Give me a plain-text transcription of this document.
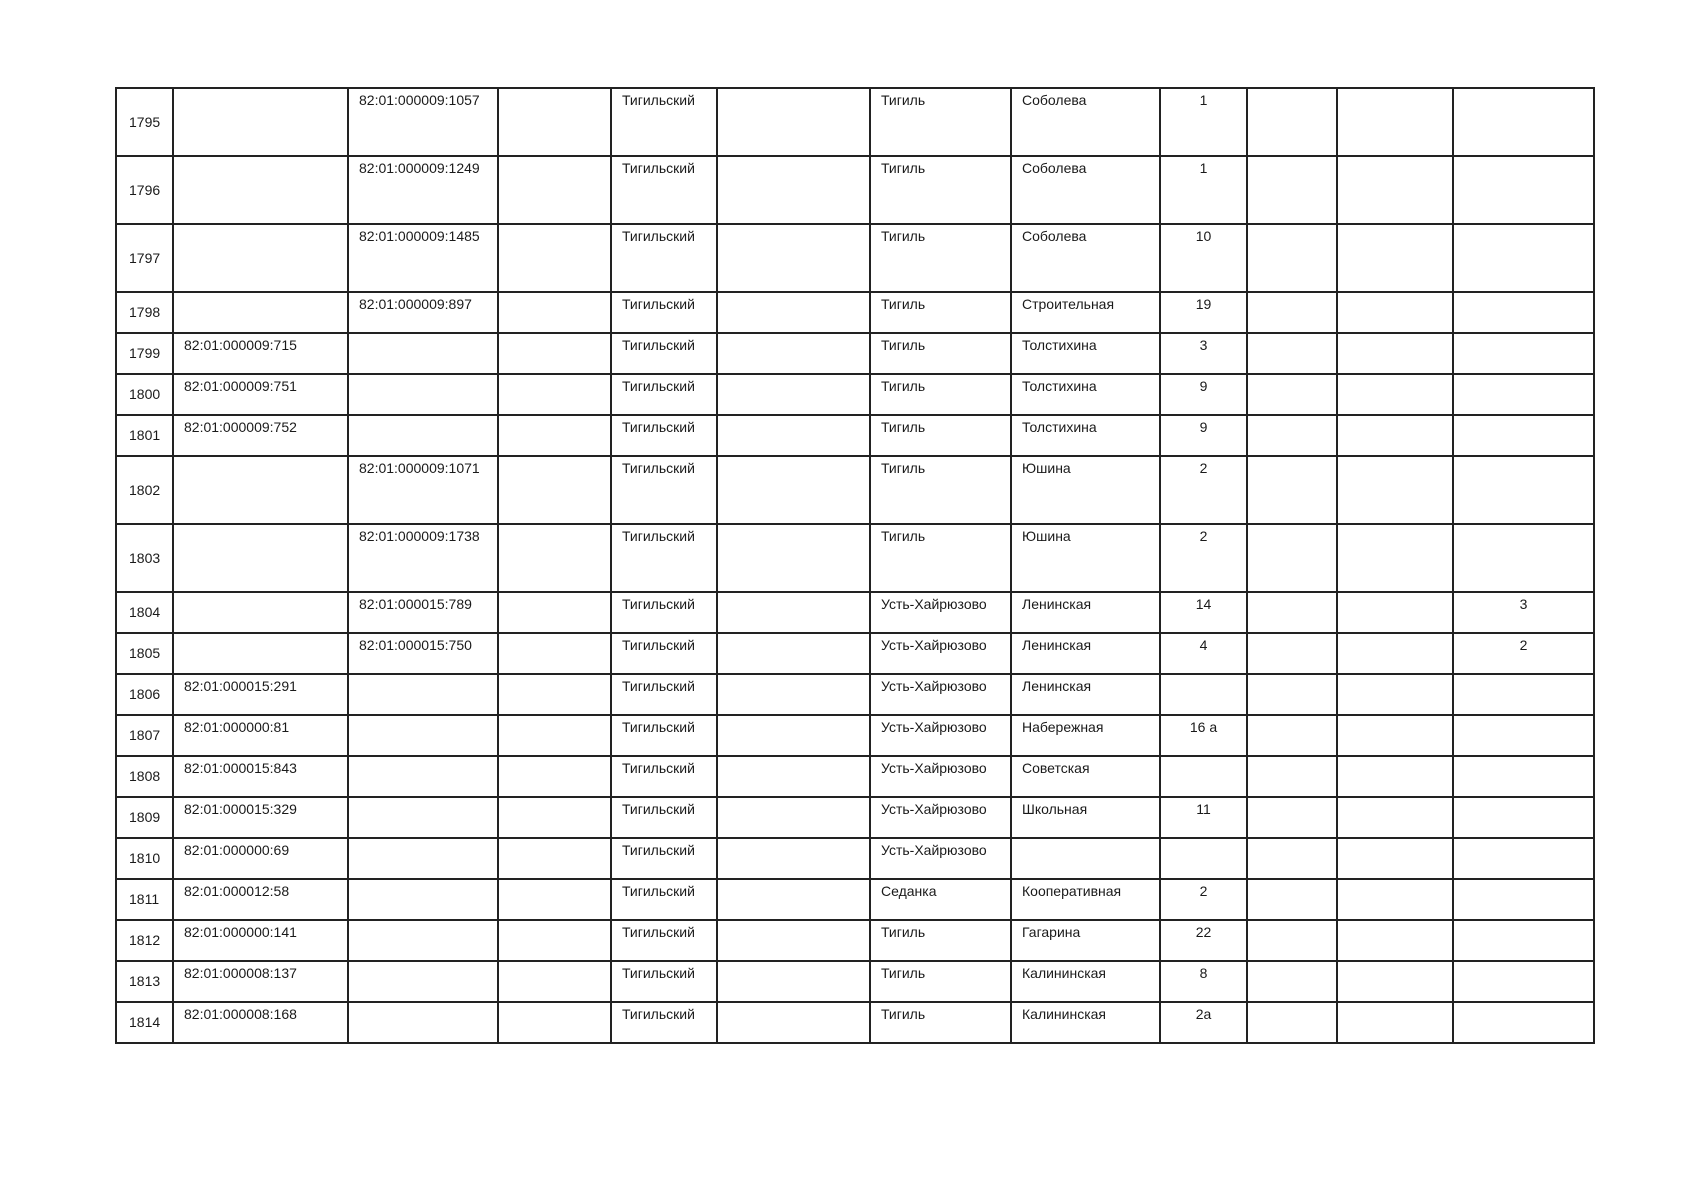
1795		82:01:000009:1057		Тигильский		Тигиль	Соболева	1			
1796		82:01:000009:1249		Тигильский		Тигиль	Соболева	1			
1797		82:01:000009:1485		Тигильский		Тигиль	Соболева	10			
1798		82:01:000009:897		Тигильский		Тигиль	Строительная	19			
1799	82:01:000009:715			Тигильский		Тигиль	Толстихина	3			
1800	82:01:000009:751			Тигильский		Тигиль	Толстихина	9			
1801	82:01:000009:752			Тигильский		Тигиль	Толстихина	9			
1802		82:01:000009:1071		Тигильский		Тигиль	Юшина	2			
1803		82:01:000009:1738		Тигильский		Тигиль	Юшина	2			
1804		82:01:000015:789		Тигильский		Усть-Хайрюзово	Ленинская	14			3
1805		82:01:000015:750		Тигильский		Усть-Хайрюзово	Ленинская	4			2
1806	82:01:000015:291			Тигильский		Усть-Хайрюзово	Ленинская				
1807	82:01:000000:81			Тигильский		Усть-Хайрюзово	Набережная	16 а			
1808	82:01:000015:843			Тигильский		Усть-Хайрюзово	Советская				
1809	82:01:000015:329			Тигильский		Усть-Хайрюзово	Школьная	11			
1810	82:01:000000:69			Тигильский		Усть-Хайрюзово					
1811	82:01:000012:58			Тигильский		Седанка	Кооперативная	2			
1812	82:01:000000:141			Тигильский		Тигиль	Гагарина	22			
1813	82:01:000008:137			Тигильский		Тигиль	Калининская	8			
1814	82:01:000008:168			Тигильский		Тигиль	Калининская	2а			
